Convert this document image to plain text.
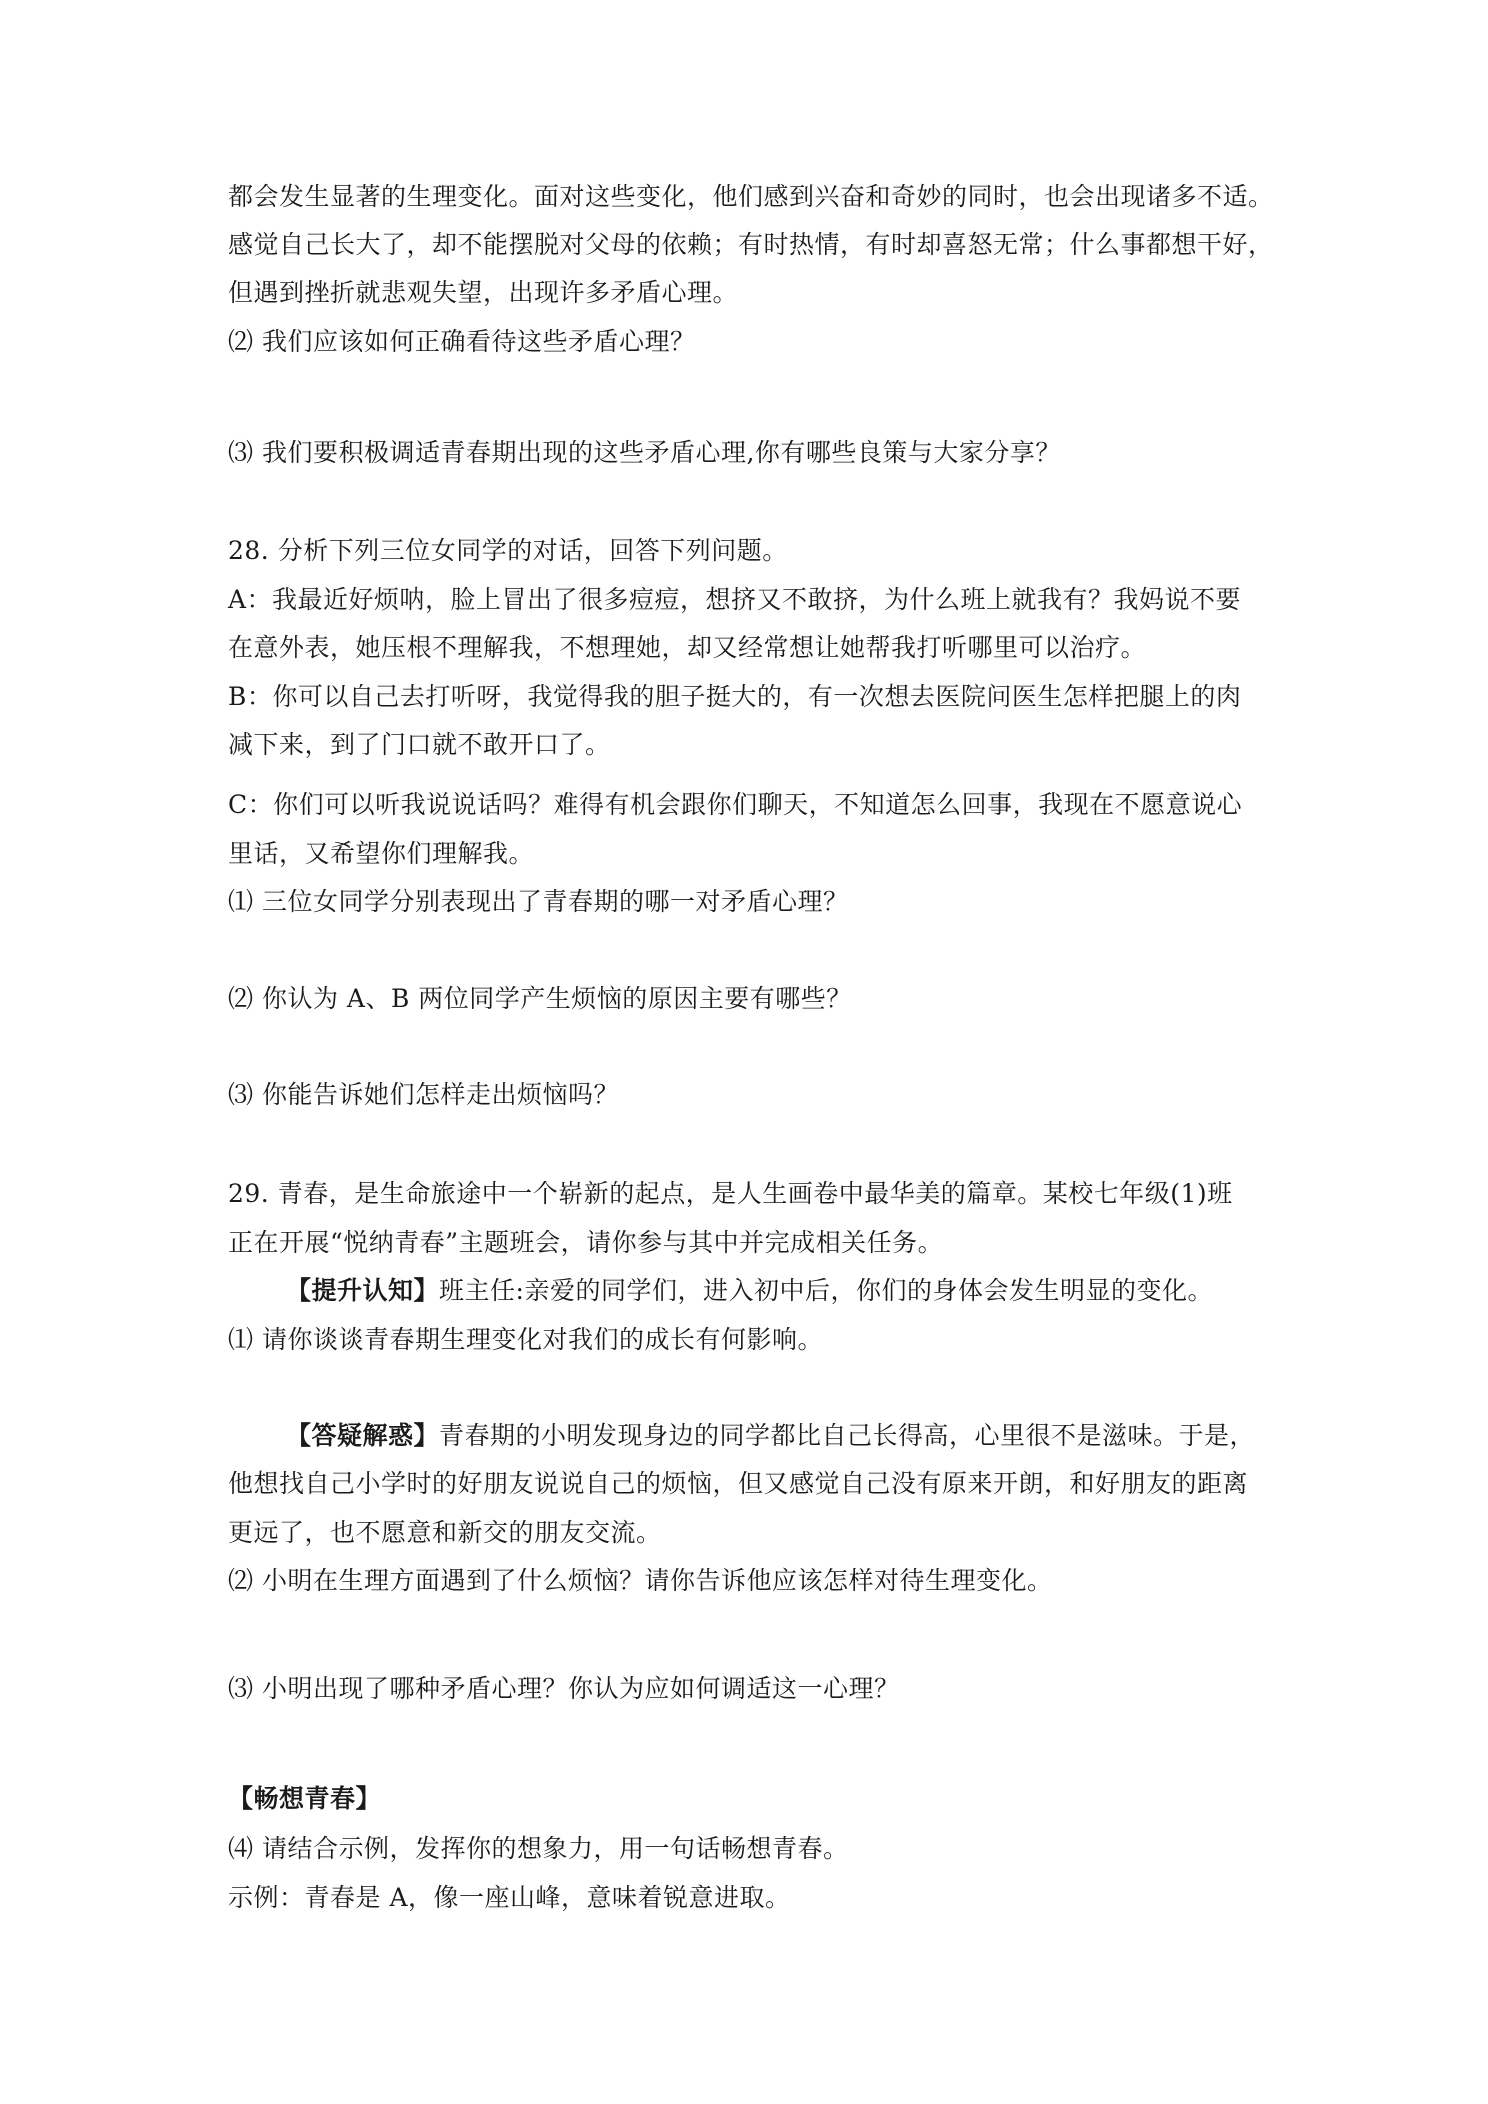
都会发生显著的生理变化。面对这些变化，他们感到兴奋和奇妙的同时，也会出现诸多不适。
感觉自己长大了，却不能摆脱对父母的依赖；有时热情，有时却喜怒无常；什么事都想干好，
但遇到挫折就悲观失望，出现许多矛盾心理。
⑵ 我们应该如何正确看待这些矛盾心理？
⑶ 我们要积极调适青春期出现的这些矛盾心理,你有哪些良策与大家分享？
28. 分析下列三位女同学的对话，回答下列问题。
A：我最近好烦呐，脸上冒出了很多痘痘，想挤又不敢挤，为什么班上就我有？我妈说不要
在意外表，她压根不理解我，不想理她，却又经常想让她帮我打听哪里可以治疗。
B：你可以自己去打听呀，我觉得我的胆子挺大的，有一次想去医院问医生怎样把腿上的肉
减下来，到了门口就不敢开口了。
C：你们可以听我说说话吗？难得有机会跟你们聊天，不知道怎么回事，我现在不愿意说心
里话，又希望你们理解我。
⑴ 三位女同学分别表现出了青春期的哪一对矛盾心理？
⑵ 你认为 A、B 两位同学产生烦恼的原因主要有哪些？
⑶ 你能告诉她们怎样走出烦恼吗？
29. 青春，是生命旅途中一个崭新的起点，是人生画卷中最华美的篇章。某校七年级(1)班
正在开展“悦纳青春”主题班会，请你参与其中并完成相关任务。
【提升认知】班主任:亲爱的同学们，进入初中后，你们的身体会发生明显的变化。
⑴ 请你谈谈青春期生理变化对我们的成长有何影响。
【答疑解惑】青春期的小明发现身边的同学都比自己长得高，心里很不是滋味。于是，
他想找自己小学时的好朋友说说自己的烦恼，但又感觉自己没有原来开朗，和好朋友的距离
更远了，也不愿意和新交的朋友交流。
⑵ 小明在生理方面遇到了什么烦恼？请你告诉他应该怎样对待生理变化。
⑶ 小明出现了哪种矛盾心理？你认为应如何调适这一心理？
【畅想青春】
⑷ 请结合示例，发挥你的想象力，用一句话畅想青春。
示例：青春是 A，像一座山峰，意味着锐意进取。
